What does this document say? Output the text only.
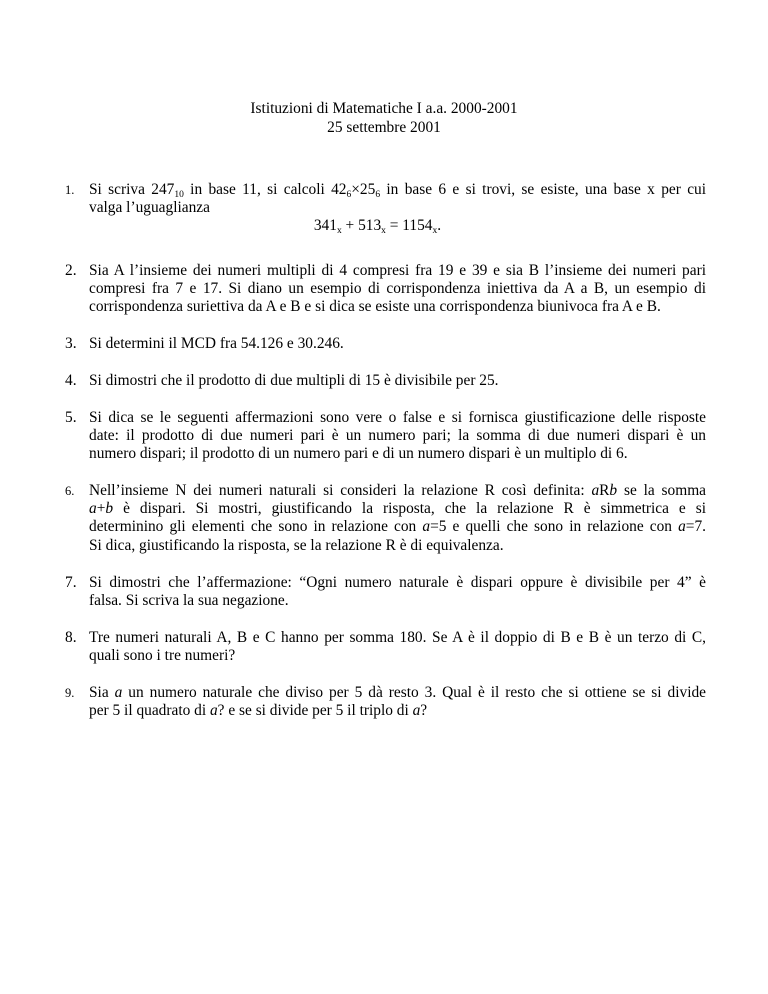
Istituzioni di Matematiche I a.a. 2000-2001
25 settembre 2001
1. Si scriva $247_{10}$ in base 11, si calcoli $42_6\times 25_6$ in base 6 e si trovi, se esiste, una base x per cui
valga l’uguaglianza
$341_x + 513_x = 1154_x$.
2. Sia A l’insieme dei numeri multipli di 4 compresi fra 19 e 39 e sia B l’insieme dei numeri pari
compresi fra 7 e 17. Si diano un esempio di corrispondenza iniettiva da A a B, un esempio di
corrispondenza suriettiva da A e B e si dica se esiste una corrispondenza biunivoca fra A e B.
3. Si determini il MCD fra 54.126 e 30.246.
4. Si dimostri che il prodotto di due multipli di 15 è divisibile per 25.
5. Si dica se le seguenti affermazioni sono vere o false e si fornisca giustificazione delle risposte
date: il prodotto di due numeri pari è un numero pari; la somma di due numeri dispari è un
numero dispari; il prodotto di un numero pari e di un numero dispari è un multiplo di 6.
6. Nell’insieme N dei numeri naturali si consideri la relazione R così definita: aRb se la somma
a+b è dispari. Si mostri, giustificando la risposta, che la relazione R è simmetrica e si
determinino gli elementi che sono in relazione con a=5 e quelli che sono in relazione con a=7.
Si dica, giustificando la risposta, se la relazione R è di equivalenza.
7. Si dimostri che l’affermazione: “Ogni numero naturale è dispari oppure è divisibile per 4” è
falsa. Si scriva la sua negazione.
8. Tre numeri naturali A, B e C hanno per somma 180. Se A è il doppio di B e B è un terzo di C,
quali sono i tre numeri?
9. Sia a un numero naturale che diviso per 5 dà resto 3. Qual è il resto che si ottiene se si divide
per 5 il quadrato di a? e se si divide per 5 il triplo di a?
